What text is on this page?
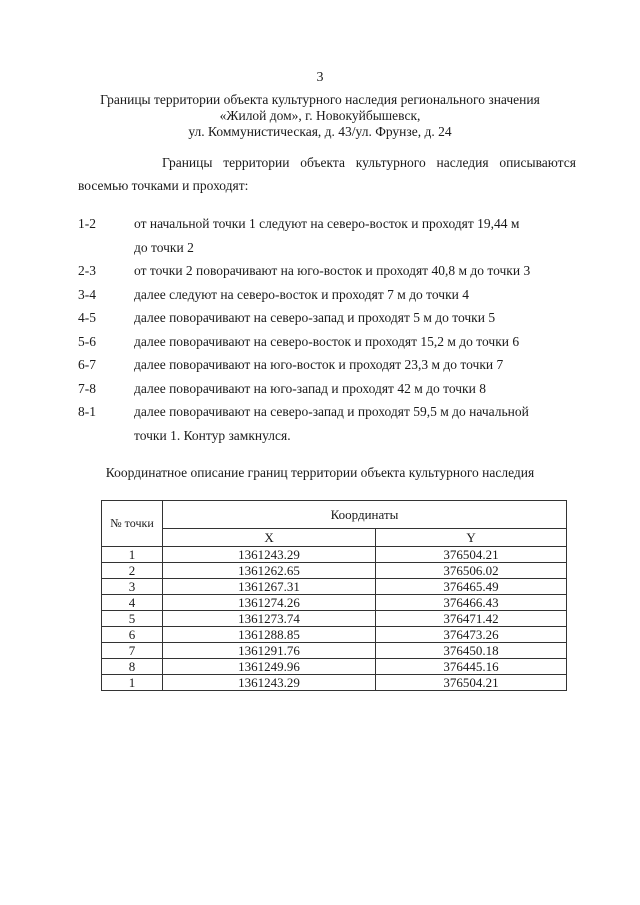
3
Границы территории объекта культурного наследия регионального значения
«Жилой дом», г. Новокуйбышевск,
ул. Коммунистическая, д. 43/ул. Фрунзе, д. 24
Границы территории объекта культурного наследия описываются
восемью точками и проходят:
1-2	от начальной точки 1 следуют на северо-восток и проходят 19,44 м
до точки 2
2-3	от точки 2 поворачивают на юго-восток и проходят 40,8 м до точки 3
3-4	далее следуют на северо-восток и проходят 7 м до точки 4
4-5	далее поворачивают на северо-запад и проходят 5 м до точки 5
5-6	далее поворачивают на северо-восток и проходят 15,2 м до точки 6
6-7	далее поворачивают на юго-восток и проходят 23,3 м до точки 7
7-8	далее поворачивают на юго-запад и проходят 42 м до точки 8
8-1	далее поворачивают на северо-запад и проходят 59,5 м до начальной
точки 1. Контур замкнулся.
Координатное описание границ территории объекта культурного наследия
№ точки	Координаты	
	X	Y
1	1361243.29	376504.21
2	1361262.65	376506.02
3	1361267.31	376465.49
4	1361274.26	376466.43
5	1361273.74	376471.42
6	1361288.85	376473.26
7	1361291.76	376450.18
8	1361249.96	376445.16
1	1361243.29	376504.21
